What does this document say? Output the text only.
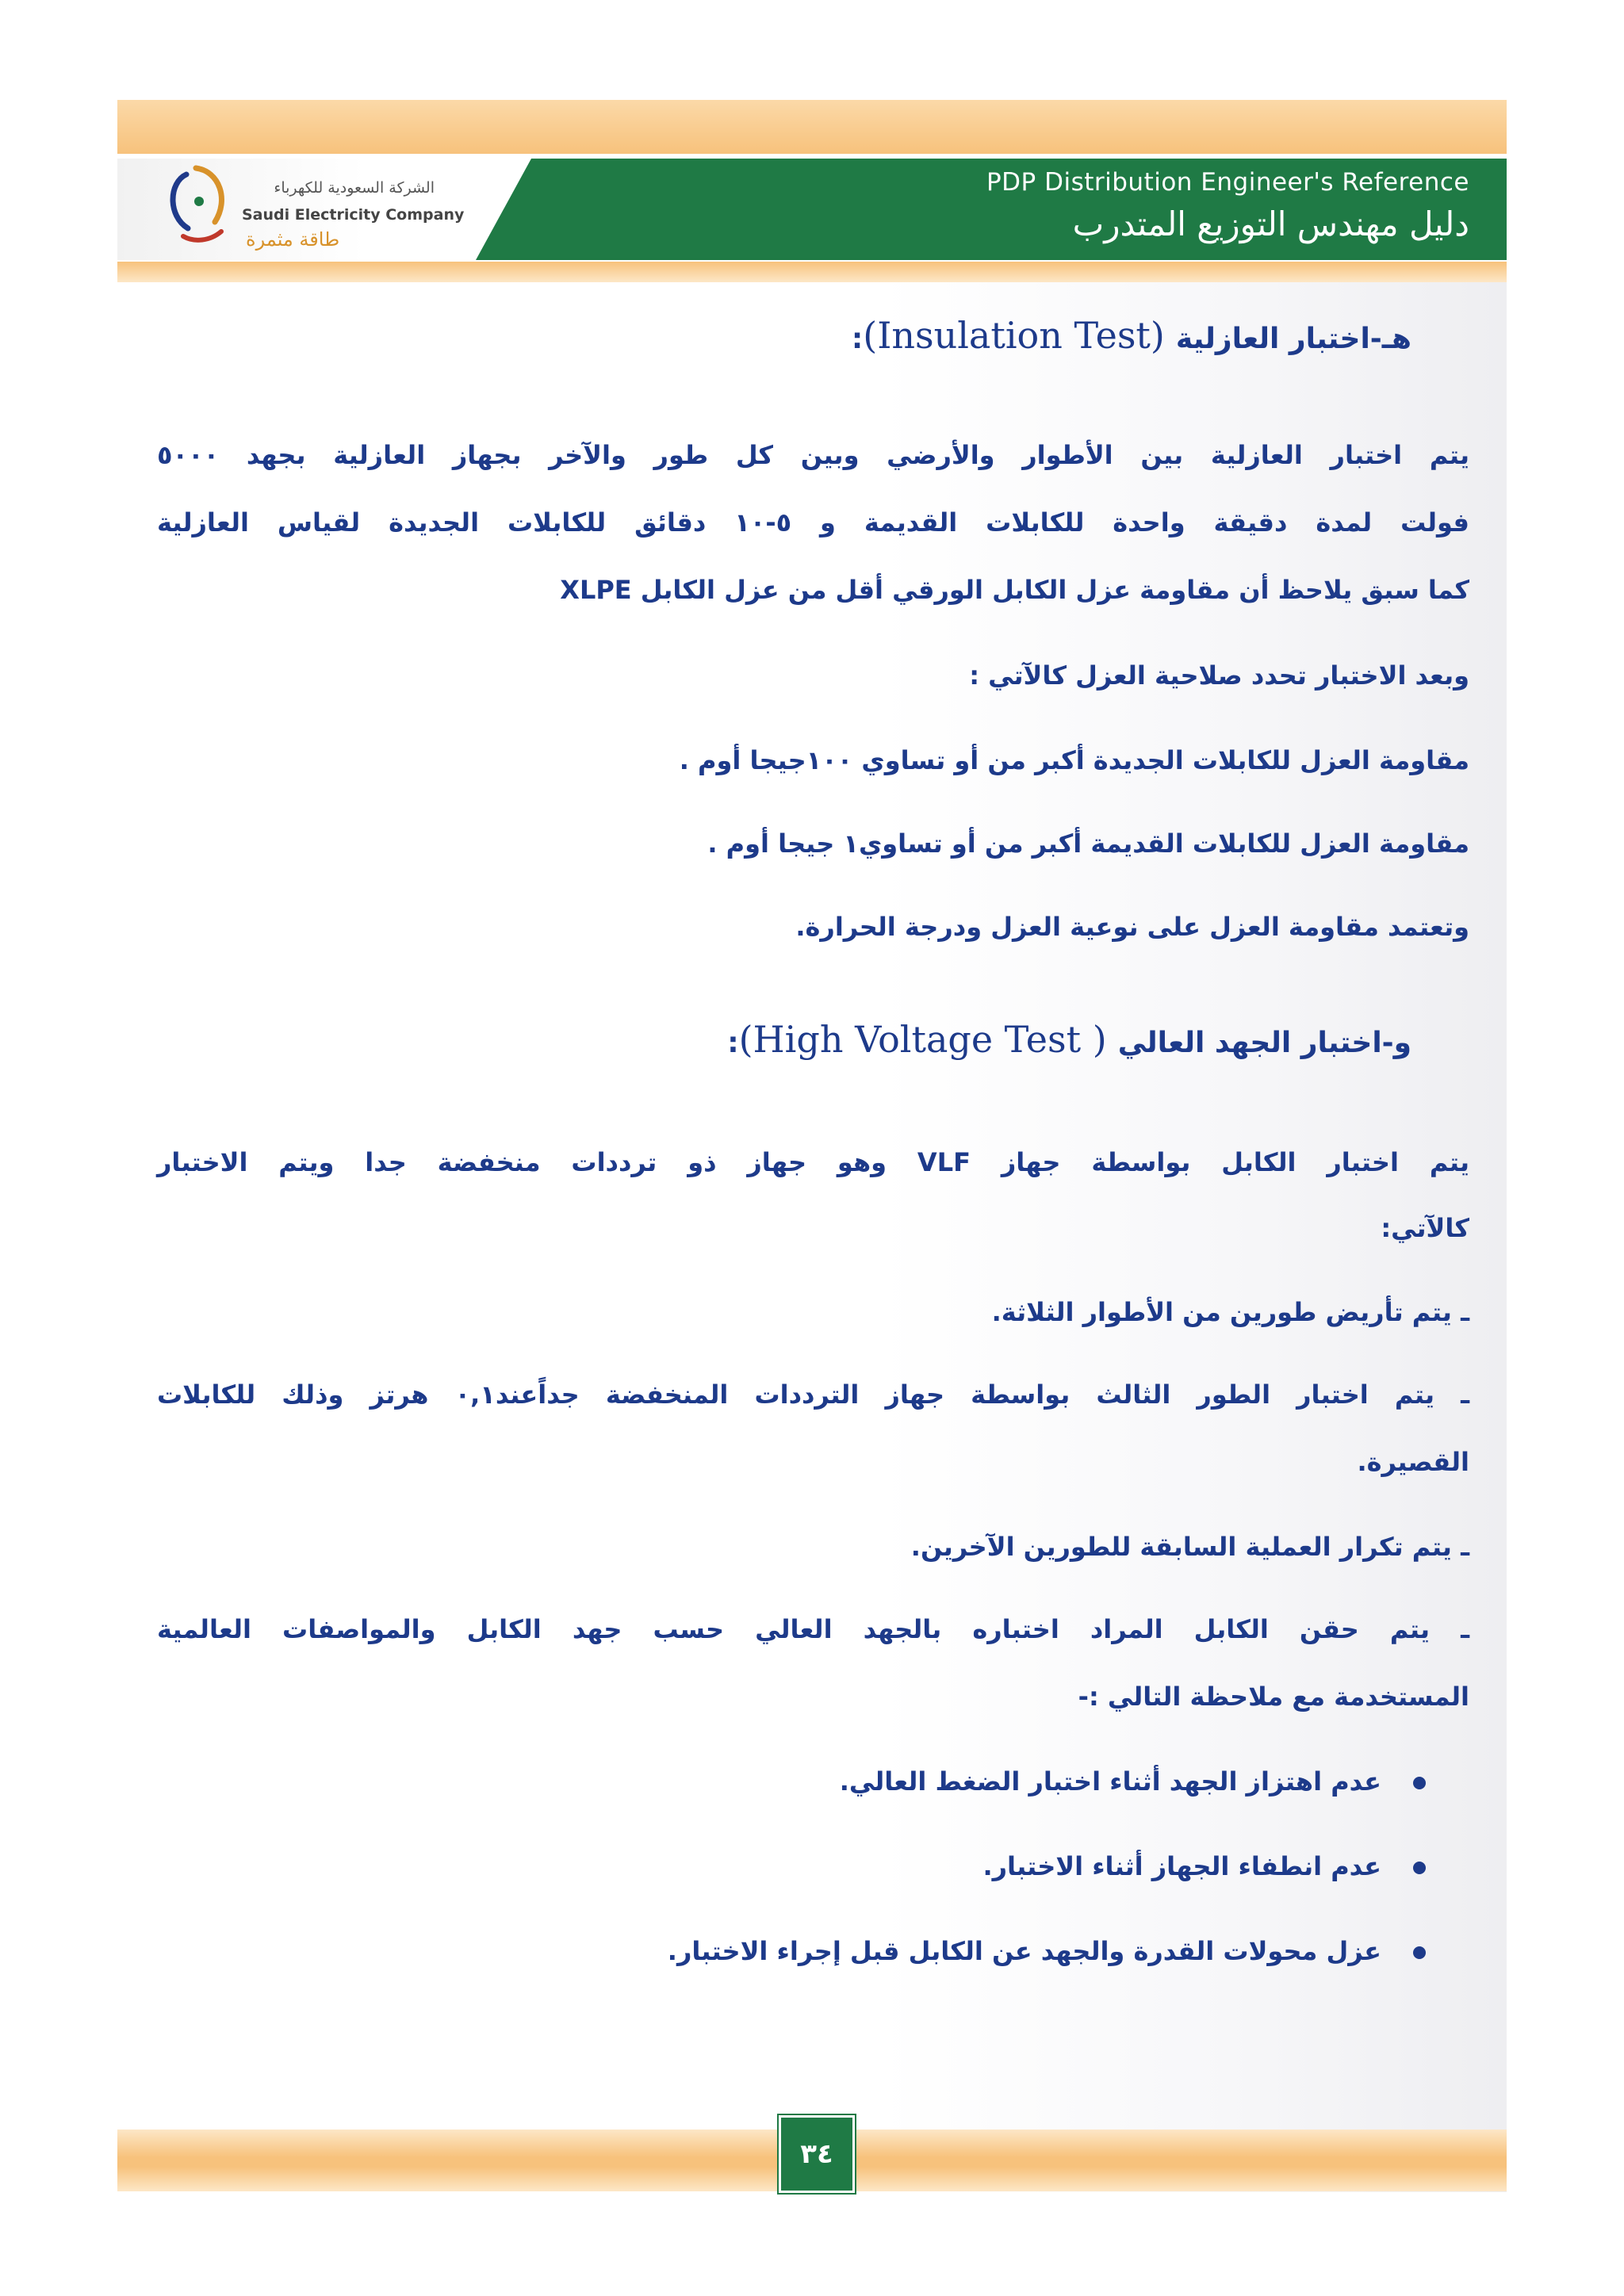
الشركة السعودية للكهرباء
Saudi Electricity Company
طاقة مثمرة
PDP Distribution Engineer's Reference
دليل مهندس التوزيع المتدرب
هـ-اختبار العازلية (Insulation Test):
يتم اختبار العازلية بين الأطوار والأرضي وبين كل طور والآخر بجهاز العازلية بجهد ٥٠٠٠
فولت لمدة دقيقة واحدة للكابلات القديمة و ٥-١٠ دقائق للكابلات الجديدة لقياس العازلية
كما سبق يلاحظ أن مقاومة عزل الكابل الورقي أقل من عزل الكابل XLPE
وبعد الاختبار تحدد صلاحية العزل كالآتي :
مقاومة العزل للكابلات الجديدة أكبر من أو تساوي ١٠٠جيجا أوم .
مقاومة العزل للكابلات القديمة أكبر من أو تساوي١ جيجا أوم .
وتعتمد مقاومة العزل على نوعية العزل ودرجة الحرارة.
و-اختبار الجهد العالي ( High Voltage Test):
يتم اختبار الكابل بواسطة جهاز VLF وهو جهاز ذو ترددات منخفضة جدا ويتم الاختبار
كالآتي:
ـ يتم تأريض طورين من الأطوار الثلاثة.
ـ يتم اختبار الطور الثالث بواسطة جهاز الترددات المنخفضة جداًعند٠,١ هرتز وذلك للكابلات
القصيرة.
ـ يتم تكرار العملية السابقة للطورين الآخرين.
ـ يتم حقن الكابل المراد اختباره بالجهد العالي حسب جهد الكابل والمواصفات العالمية
المستخدمة مع ملاحظة التالي :-
عدم اهتزاز الجهد أثناء اختبار الضغط العالي.
عدم انطفاء الجهاز أثناء الاختبار.
عزل محولات القدرة والجهد عن الكابل قبل إجراء الاختبار.
٣٤
